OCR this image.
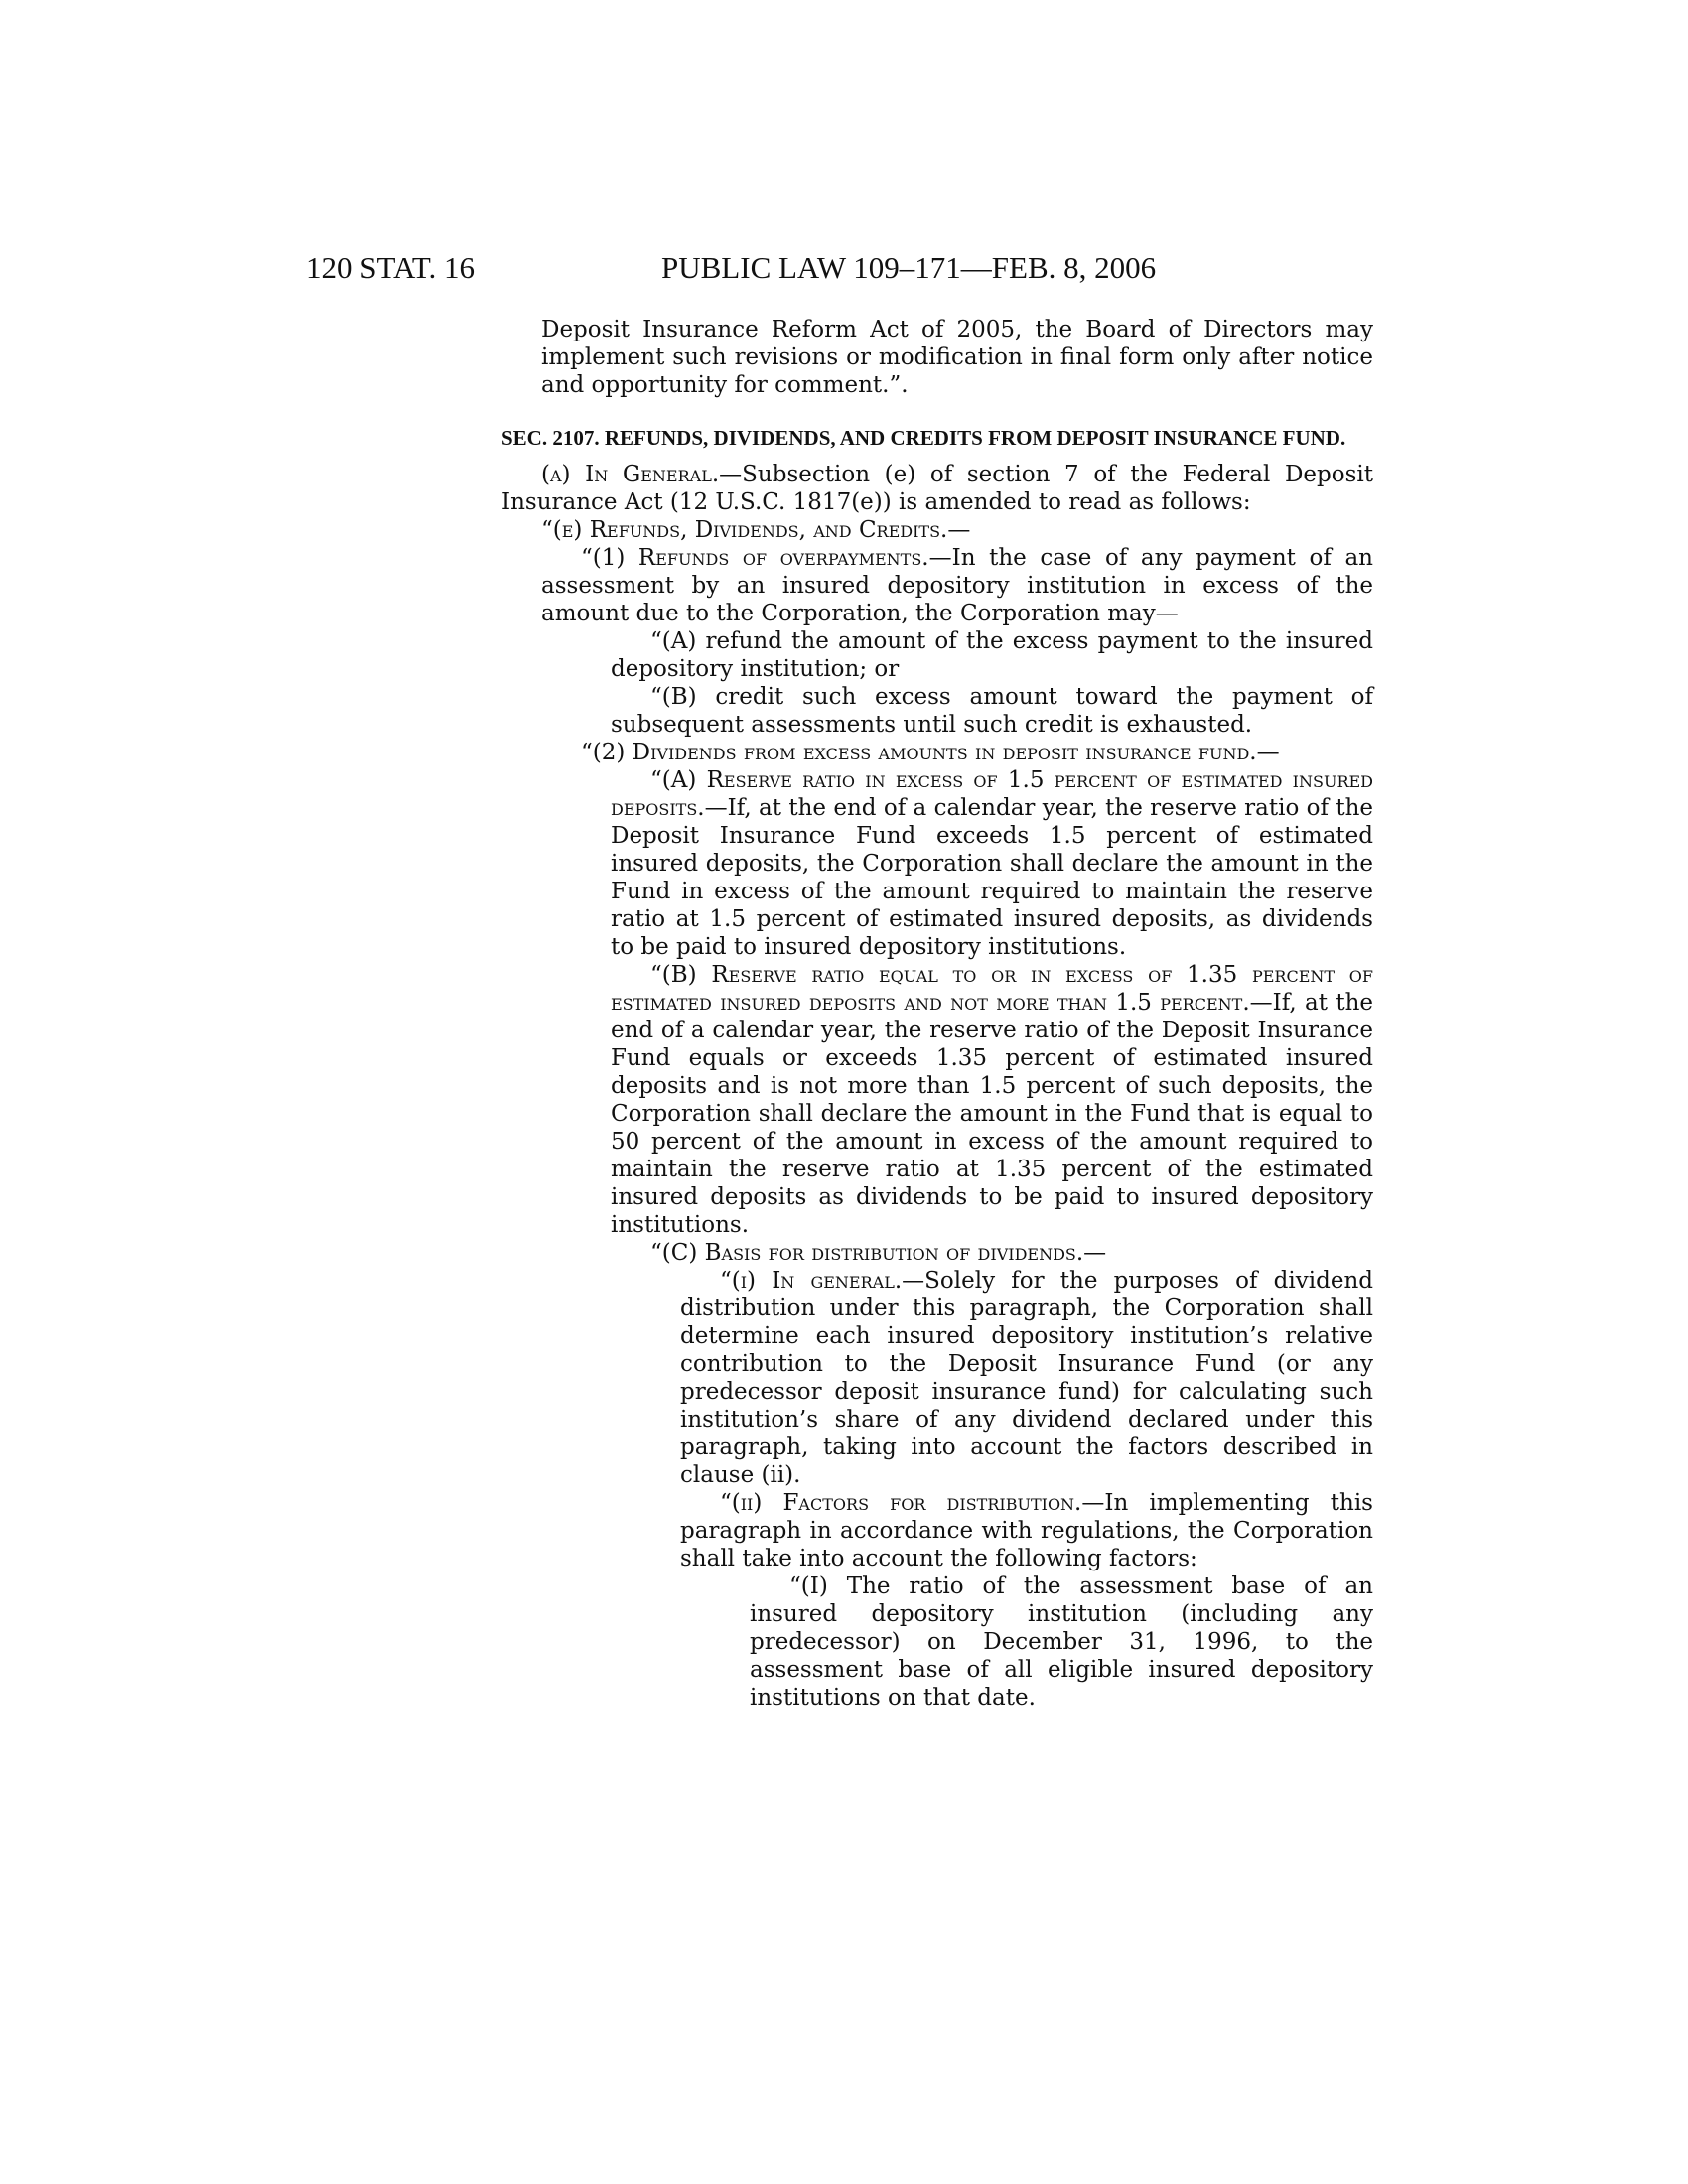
120 STAT. 16	PUBLIC LAW 109–171—FEB. 8, 2006

Deposit Insurance Reform Act of 2005, the Board of Directors may implement such revisions or modification in final form only after notice and opportunity for comment.”.

SEC. 2107. REFUNDS, DIVIDENDS, AND CREDITS FROM DEPOSIT INSURANCE FUND.

(a) In General.—Subsection (e) of section 7 of the Federal Deposit Insurance Act (12 U.S.C. 1817(e)) is amended to read as follows:

“(e) Refunds, Dividends, and Credits.—

“(1) Refunds of overpayments.—In the case of any payment of an assessment by an insured depository institution in excess of the amount due to the Corporation, the Corporation may—

“(A) refund the amount of the excess payment to the insured depository institution; or

“(B) credit such excess amount toward the payment of subsequent assessments until such credit is exhausted.

“(2) Dividends from excess amounts in deposit insurance fund.—

“(A) Reserve ratio in excess of 1.5 percent of estimated insured deposits.—If, at the end of a calendar year, the reserve ratio of the Deposit Insurance Fund exceeds 1.5 percent of estimated insured deposits, the Corporation shall declare the amount in the Fund in excess of the amount required to maintain the reserve ratio at 1.5 percent of estimated insured deposits, as dividends to be paid to insured depository institutions.

“(B) Reserve ratio equal to or in excess of 1.35 percent of estimated insured deposits and not more than 1.5 percent.—If, at the end of a calendar year, the reserve ratio of the Deposit Insurance Fund equals or exceeds 1.35 percent of estimated insured deposits and is not more than 1.5 percent of such deposits, the Corporation shall declare the amount in the Fund that is equal to 50 percent of the amount in excess of the amount required to maintain the reserve ratio at 1.35 percent of the estimated insured deposits as dividends to be paid to insured depository institutions.

“(C) Basis for distribution of dividends.—

“(i) In general.—Solely for the purposes of dividend distribution under this paragraph, the Corporation shall determine each insured depository institution’s relative contribution to the Deposit Insurance Fund (or any predecessor deposit insurance fund) for calculating such institution’s share of any dividend declared under this paragraph, taking into account the factors described in clause (ii).

“(ii) Factors for distribution.—In implementing this paragraph in accordance with regulations, the Corporation shall take into account the following factors:

“(I) The ratio of the assessment base of an insured depository institution (including any predecessor) on December 31, 1996, to the assessment base of all eligible insured depository institutions on that date.
